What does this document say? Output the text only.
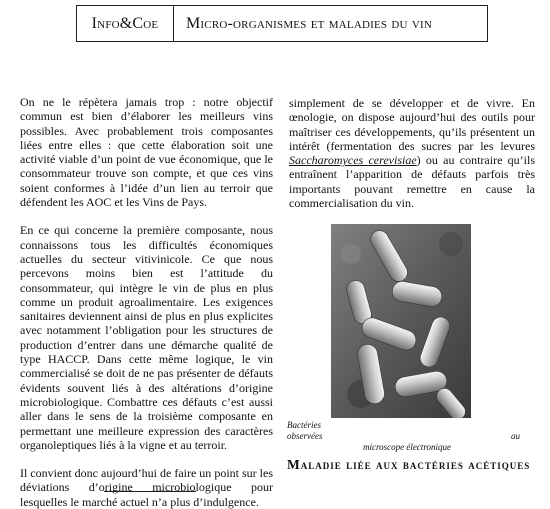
Info&Coe	Micro-organismes et maladies du vin

On ne le répètera jamais trop : notre objectif commun est bien d’élaborer les meilleurs vins possibles. Avec probablement trois composantes liées entre elles : que cette élaboration soit une activité viable d’un point de vue économique, que le consommateur trouve son compte, et que ces vins soient conformes à l’idée d’un lien au terroir que défendent les AOC et les Vins de Pays.

En ce qui concerne la première composante, nous connaissons tous les difficultés économiques actuelles du secteur vitivinicole. Ce que nous percevons moins bien est l’attitude du consommateur, qui intègre le vin de plus en plus comme un produit agroalimentaire. Les exigences sanitaires deviennent ainsi de plus en plus explicites avec notamment l’obligation pour les structures de production d’entrer dans une démarche qualité de type HACCP. Dans cette même logique, le vin commercialisé se doit de ne pas présenter de défauts évidents souvent liés à des altérations d’origine microbiologique. Combattre ces défauts c’est aussi aller dans le sens de la troisième composante en permettant une meilleure expression des caractères organoleptiques liés à la vigne et au terroir.

Il convient donc aujourd’hui de faire un point sur les déviations d’origine microbiologique pour lesquelles le marché actuel n’a plus d’indulgence.

simplement de se développer et de vivre. En œnologie, on dispose aujourd’hui des outils pour maîtriser ces développements, qu’ils présentent un intérêt (fermentation des sucres par les levures Saccharomyces cerevisiae) ou au contraire qu’ils entraînent l’apparition de défauts parfois très importants pouvant remettre en cause la commercialisation du vin.

Bactéries
observées	au
microscope électronique
Maladie liée aux bactéries acétiques
